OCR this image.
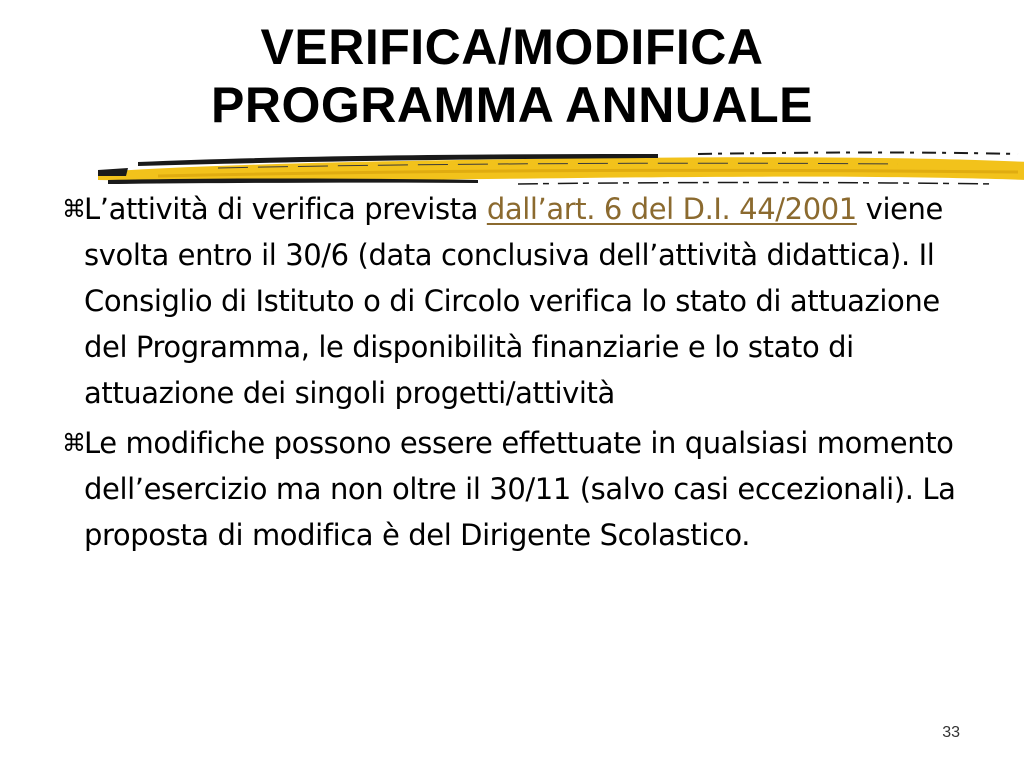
VERIFICA/MODIFICA
PROGRAMMA ANNUALE
⌘
L’attività di verifica prevista dall’art. 6 del D.I. 44/2001 viene svolta entro il 30/6 (data conclusiva dell’attività didattica). Il Consiglio di Istituto o di Circolo verifica lo stato di attuazione del Programma, le disponibilità finanziarie e lo stato di attuazione dei singoli progetti/attività
⌘
Le modifiche possono essere effettuate in qualsiasi momento dell’esercizio ma non oltre il 30/11 (salvo casi eccezionali). La proposta di modifica è del Dirigente Scolastico.
33
